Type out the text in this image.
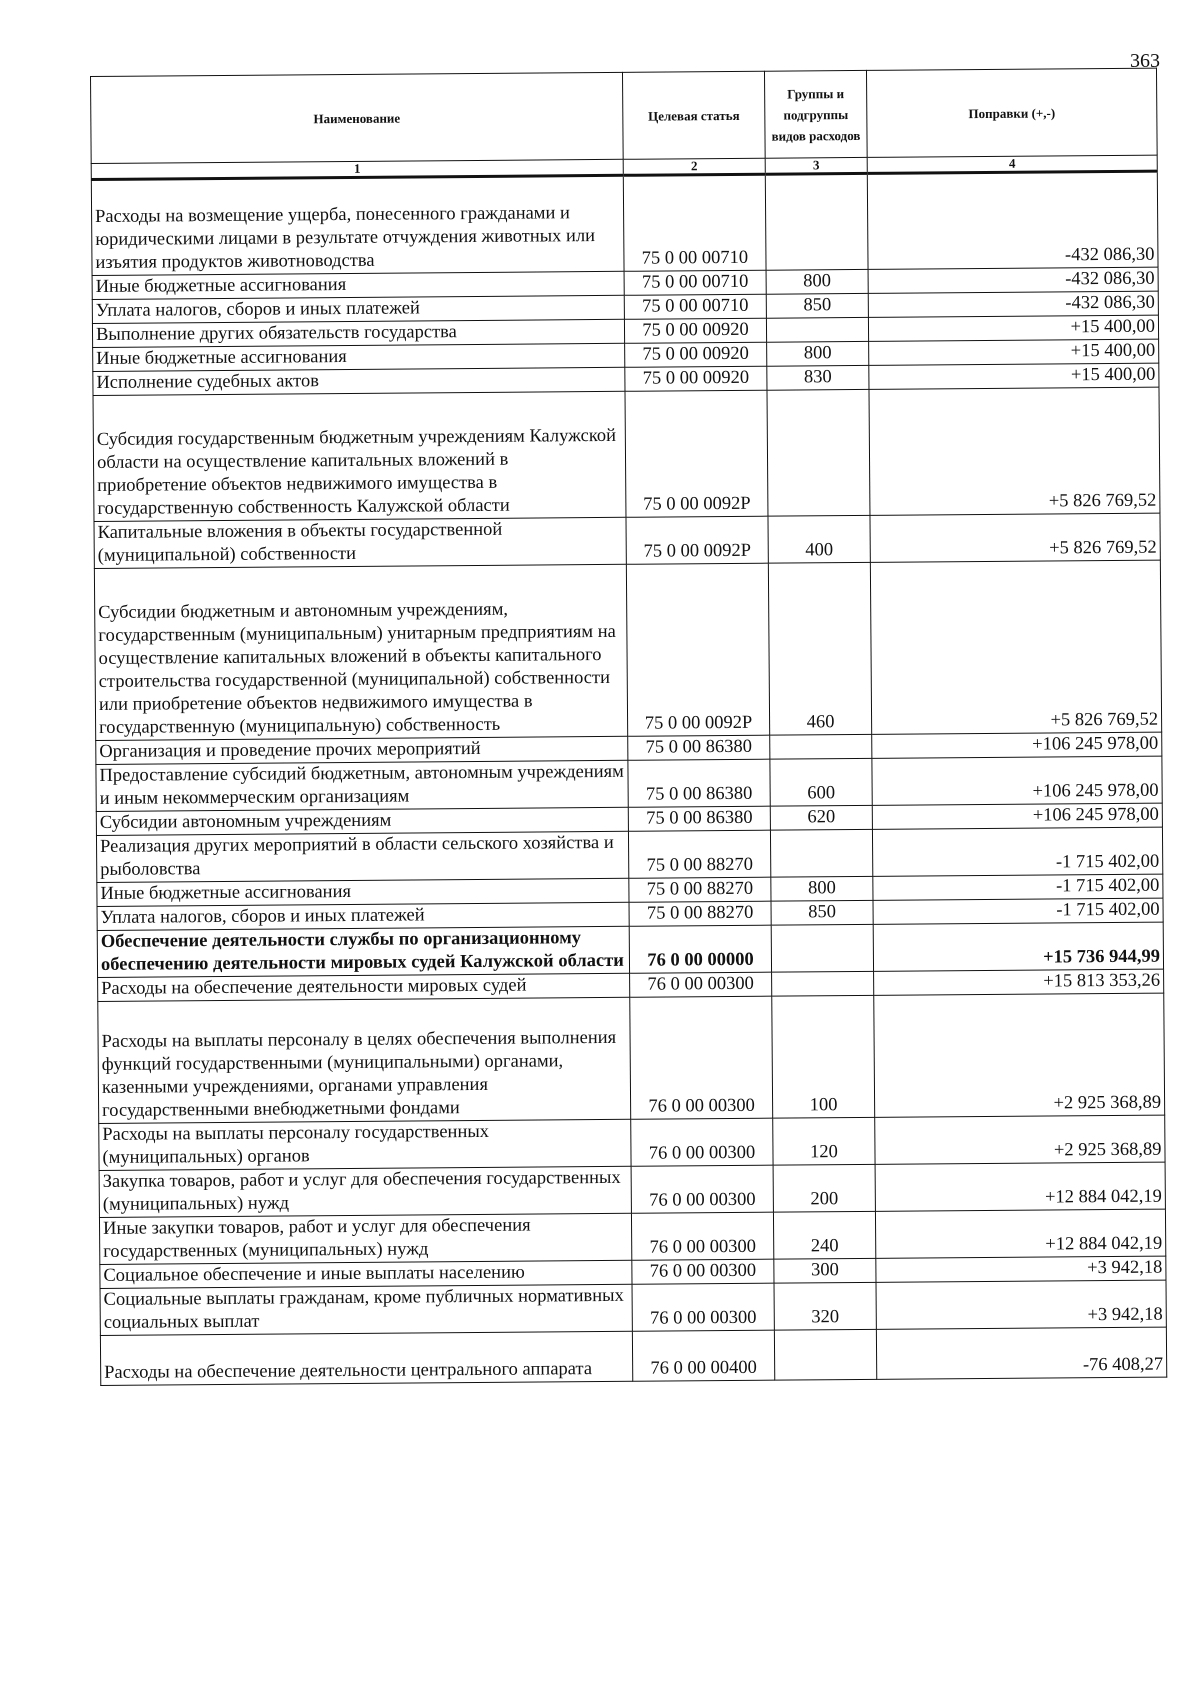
363
Наименование	Целевая статья	Группы и подгруппы видов расходов	Поправки (+,-)
1	2	3	4
Расходы на возмещение ущерба, понесенного гражданами и юридическими лицами в результате отчуждения животных или изъятия продуктов животноводства	75 0 00 00710		-432 086,30
Иные бюджетные ассигнования	75 0 00 00710	800	-432 086,30
Уплата налогов, сборов и иных платежей	75 0 00 00710	850	-432 086,30
Выполнение других обязательств государства	75 0 00 00920		+15 400,00
Иные бюджетные ассигнования	75 0 00 00920	800	+15 400,00
Исполнение судебных актов	75 0 00 00920	830	+15 400,00
Субсидия государственным бюджетным учреждениям Калужской области на осуществление капитальных вложений в приобретение объектов недвижимого имущества в государственную собственность Калужской области	75 0 00 0092Р		+5 826 769,52
Капитальные вложения в объекты государственной (муниципальной) собственности	75 0 00 0092Р	400	+5 826 769,52
Субсидии бюджетным и автономным учреждениям, государственным (муниципальным) унитарным предприятиям на осуществление капитальных вложений в объекты капитального строительства государственной (муниципальной) собственности или приобретение объектов недвижимого имущества в государственную (муниципальную) собственность	75 0 00 0092Р	460	+5 826 769,52
Организация и проведение прочих мероприятий	75 0 00 86380		+106 245 978,00
Предоставление субсидий бюджетным, автономным учреждениям и иным некоммерческим организациям	75 0 00 86380	600	+106 245 978,00
Субсидии автономным учреждениям	75 0 00 86380	620	+106 245 978,00
Реализация других мероприятий в области сельского хозяйства и рыболовства	75 0 00 88270		-1 715 402,00
Иные бюджетные ассигнования	75 0 00 88270	800	-1 715 402,00
Уплата налогов, сборов и иных платежей	75 0 00 88270	850	-1 715 402,00
Обеспечение деятельности службы по организационному обеспечению деятельности мировых судей Калужской области	76 0 00 00000		+15 736 944,99
Расходы на обеспечение деятельности мировых судей	76 0 00 00300		+15 813 353,26
Расходы на выплаты персоналу в целях обеспечения выполнения функций государственными (муниципальными) органами, казенными учреждениями, органами управления государственными внебюджетными фондами	76 0 00 00300	100	+2 925 368,89
Расходы на выплаты персоналу государственных (муниципальных) органов	76 0 00 00300	120	+2 925 368,89
Закупка товаров, работ и услуг для обеспечения государственных (муниципальных) нужд	76 0 00 00300	200	+12 884 042,19
Иные закупки товаров, работ и услуг для обеспечения государственных (муниципальных) нужд	76 0 00 00300	240	+12 884 042,19
Социальное обеспечение и иные выплаты населению	76 0 00 00300	300	+3 942,18
Социальные выплаты гражданам, кроме публичных нормативных социальных выплат	76 0 00 00300	320	+3 942,18
Расходы на обеспечение деятельности центрального аппарата	76 0 00 00400		-76 408,27
